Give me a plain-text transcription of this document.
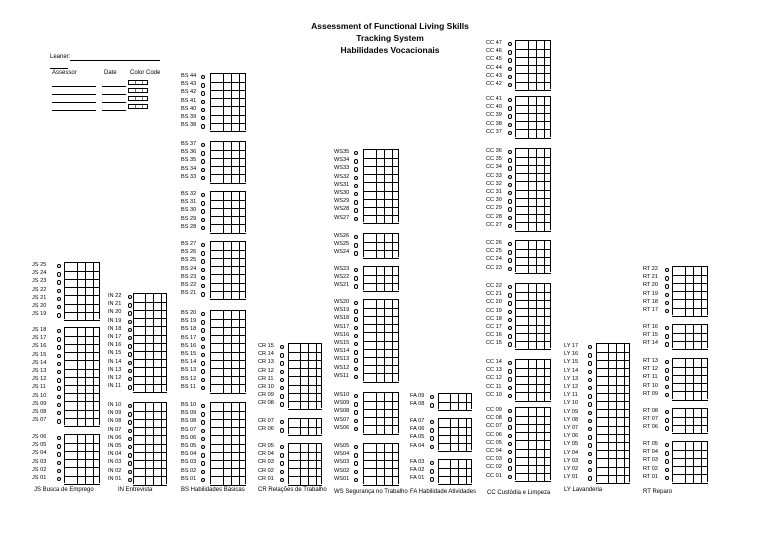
Assessment of Functional Living Skills
Tracking System
Habilidades Vocacionais
Leaner:
Assessor	Date Color Code
JS 25
JS 24
JS 23
JS 22
JS 21
JS 20
JS 19
JS 18
JS 17
JS 16
JS 15
JS 14
JS 13
JS 12
JS 11
JS 10
JS 09
JS 08
JS 07
JS 06
JS 05
JS 04
JS 03
JS 02
JS 01
JS Busca de Emprego
IN 22
IN 21
IN 20
IN 19
IN 18
IN 17
IN 16
IN 15
IN 14
IN 13
IN 12
IN 11
IN 10
IN 09
IN 08
IN 07
IN 06
IN 05
IN 04
IN 03
IN 02
IN 01
IN Entrevista
BS 44
BS 43
BS 42
BS 41
BS 40
BS 39
BS 38
BS 37
BS 36
BS 35
BS 34
BS 33
BS 32
BS 31
BS 30
BS 29
BS 28
BS 27
BS 26
BS 25
BS 24
BS 23
BS 22
BS 21
BS 20
BS 19
BS 18
BS 17
BS 16
BS 15
BS 14
BS 13
BS 12
BS 11
BS 10
BS 09
BS 08
BS 07
BS 06
BS 05
BS 04
BS 03
BS 02
BS 01
BS Habilidades Básicas
CR 15
CR 14
CR 13
CR 12
CR 11
CR 10
CR 09
CR 08
CR 07
CR 06
CR 05
CR 04
CR 03
CR 02
CR 01
CR Relações de Trabalho
WS35
WS34
WS33
WS32
WS31
WS30
WS29
WS28
WS27
WS26
WS25
WS24
WS23
WS22
WS21
WS20
WS19
WS18
WS17
WS16
WS15
WS14
WS13
WS12
WS11
WS10
WS09
WS08
WS07
WS06
WS05
WS04
WS03
WS02
WS01
WS Segurança no Trabalho
FA 09
FA 08
FA 07
FA 06
FA 05
FA 04
FA 03
FA 02
FA 01
FA Habilidade Atividades
CC 47
CC 46
CC 45
CC 44
CC 43
CC 42
CC 41
CC 40
CC 39
CC 38
CC 37
CC 36
CC 35
CC 34
CC 33
CC 32
CC 31
CC 30
CC 29
CC 28
CC 27
CC 26
CC 25
CC 24
CC 23
CC 22
CC 21
CC 20
CC 19
CC 18
CC 17
CC 16
CC 15
CC 14
CC 13
CC 12
CC 11
CC 10
CC 09
CC 08
CC 07
CC 06
CC 05
CC 04
CC 03
CC 02
CC 01
CC Custódia e Limpeza
LY 17
LY 16
LY 15
LY 14
LY 13
LY 12
LY 11
LY 10
LY 09
LY 08
LY 07
LY 06
LY 05
LY 04
LY 03
LY 02
LY 01
LY Lavanderia
RT 22
RT 21
RT 20
RT 19
RT 18
RT 17
RT 16
RT 15
RT 14
RT 13
RT 12
RT 11
RT 10
RT 09
RT 08
RT 07
RT 06
RT 05
RT 04
RT 03
RT 02
RT 01
RT Reparo
